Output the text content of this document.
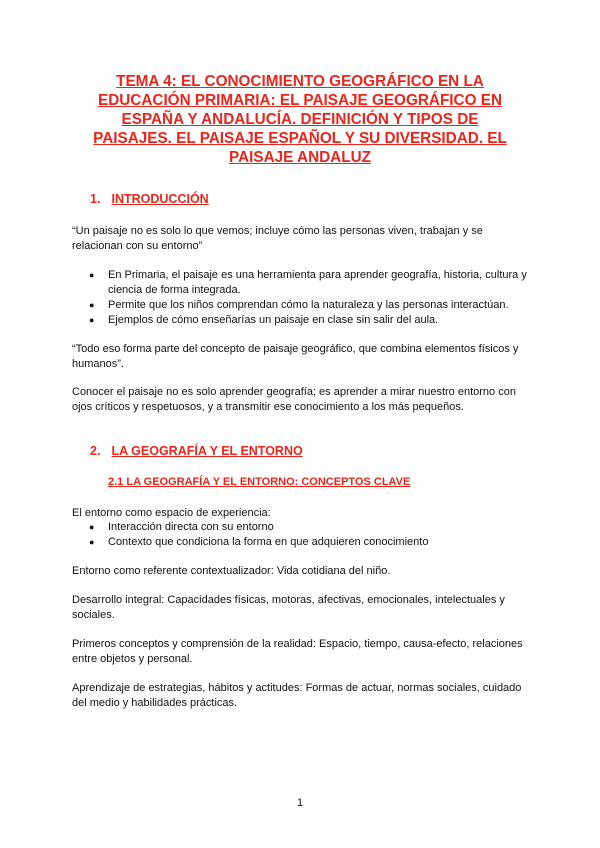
TEMA 4: EL CONOCIMIENTO GEOGRÁFICO EN LA EDUCACIÓN PRIMARIA: EL PAISAJE GEOGRÁFICO EN ESPAÑA Y ANDALUCÍA. DEFINICIÓN Y TIPOS DE PAISAJES. EL PAISAJE ESPAÑOL Y SU DIVERSIDAD. EL PAISAJE ANDALUZ
1. INTRODUCCIÓN

“Un paisaje no es solo lo que vemos; incluye cómo las personas viven, trabajan y se relacionan con su entorno”

● En Primaria, el paisaje es una herramienta para aprender geografía, historia, cultura y ciencia de forma integrada.
● Permite que los niños comprendan cómo la naturaleza y las personas interactúan.
● Ejemplos de cómo enseñarías un paisaje en clase sin salir del aula.

“Todo eso forma parte del concepto de paisaje geográfico, que combina elementos físicos y humanos”.

Conocer el paisaje no es solo aprender geografía; es aprender a mirar nuestro entorno con ojos críticos y respetuosos, y a transmitir ese conocimiento a los más pequeños.

2. LA GEOGRAFÍA Y EL ENTORNO
2.1 LA GEOGRAFÍA Y EL ENTORNO: CONCEPTOS CLAVE

El entorno como espacio de experiencia:

● Interacción directa con su entorno
● Contexto que condiciona la forma en que adquieren conocimiento

Entorno como referente contextualizador: Vida cotidiana del niño.

Desarrollo integral: Capacidades físicas, motoras, afectivas, emocionales, intelectuales y sociales.

Primeros conceptos y comprensión de la realidad: Espacio, tiempo, causa-efecto, relaciones entre objetos y personal.

Aprendizaje de estrategias, hábitos y actitudes: Formas de actuar, normas sociales, cuidado del medio y habilidades prácticas.

1
